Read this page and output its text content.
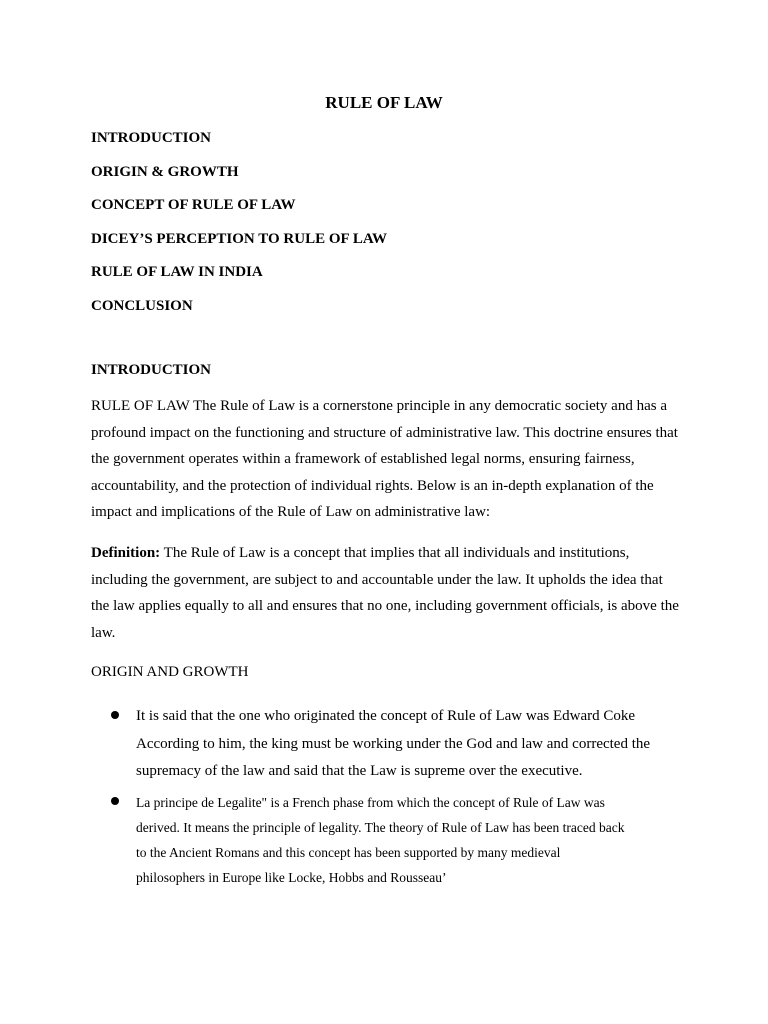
RULE OF LAW
INTRODUCTION
ORIGIN & GROWTH
CONCEPT OF RULE OF LAW
DICEY’S PERCEPTION TO RULE OF LAW
RULE OF LAW IN INDIA
CONCLUSION
INTRODUCTION

RULE OF LAW The Rule of Law is a cornerstone principle in any democratic society and has a profound impact on the functioning and structure of administrative law. This doctrine ensures that the government operates within a framework of established legal norms, ensuring fairness, accountability, and the protection of individual rights. Below is an in-depth explanation of the impact and implications of the Rule of Law on administrative law:

Definition: The Rule of Law is a concept that implies that all individuals and institutions, including the government, are subject to and accountable under the law. It upholds the idea that the law applies equally to all and ensures that no one, including government officials, is above the law.

ORIGIN AND GROWTH
It is said that the one who originated the concept of Rule of Law was Edward Coke According to him, the king must be working under the God and law and corrected the supremacy of the law and said that the Law is supreme over the executive.
La principe de Legalite" is a French phase from which the concept of Rule of Law was derived. It means the principle of legality. The theory of Rule of Law has been traced back to the Ancient Romans and this concept has been supported by many medieval philosophers in Europe like Locke, Hobbs and Rousseau’
